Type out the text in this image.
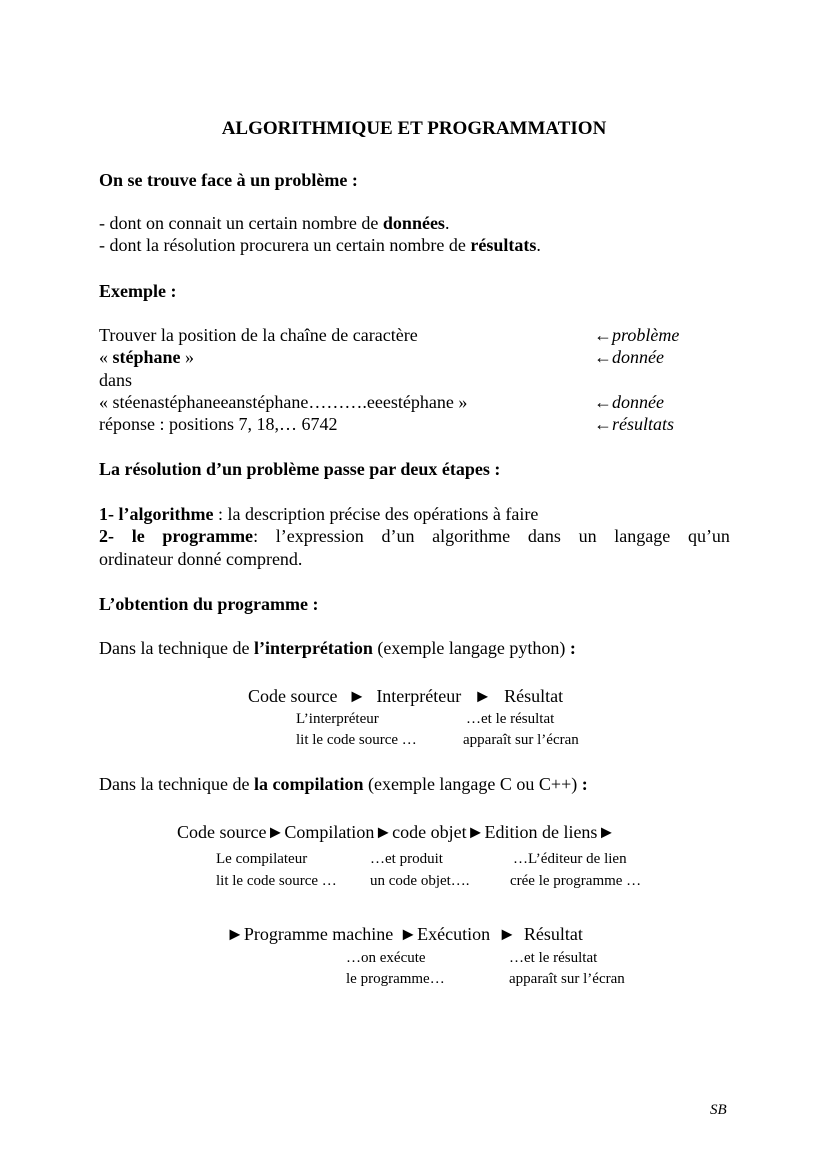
ALGORITHMIQUE ET PROGRAMMATION
On se trouve face à un problème :
- dont on connait un certain nombre de données.
- dont la résolution procurera un certain nombre de résultats.
Exemple :
Trouver la position de la chaîne de caractère
« stéphane »
dans
« stéenastéphaneeanstéphane……….eeestéphane »
réponse : positions 7, 18,… 6742
←problème
←donnée
←donnée
←résultats
La résolution d’un problème passe par deux étapes :
1- l’algorithme : la description précise des opérations à faire
2- le programme: l’expression d’un algorithme dans un langage qu’un
ordinateur donné comprend.
L’obtention du programme :
Dans la technique de l’interprétation (exemple langage python) :
Code source ► Interpréteur ► Résultat
L’interpréteur
lit le code source …
…et le résultat
apparaît sur l’écran
Dans la technique de la compilation (exemple langage C ou C++) :
Code source►Compilation►code objet►Edition de liens►
Le compilateur
lit le code source …
…et produit
un code objet….
…L’éditeur de lien
crée le programme …
►Programme machine ►Exécution ► Résultat
…on exécute
le programme…
…et le résultat
apparaît sur l’écran
SB
